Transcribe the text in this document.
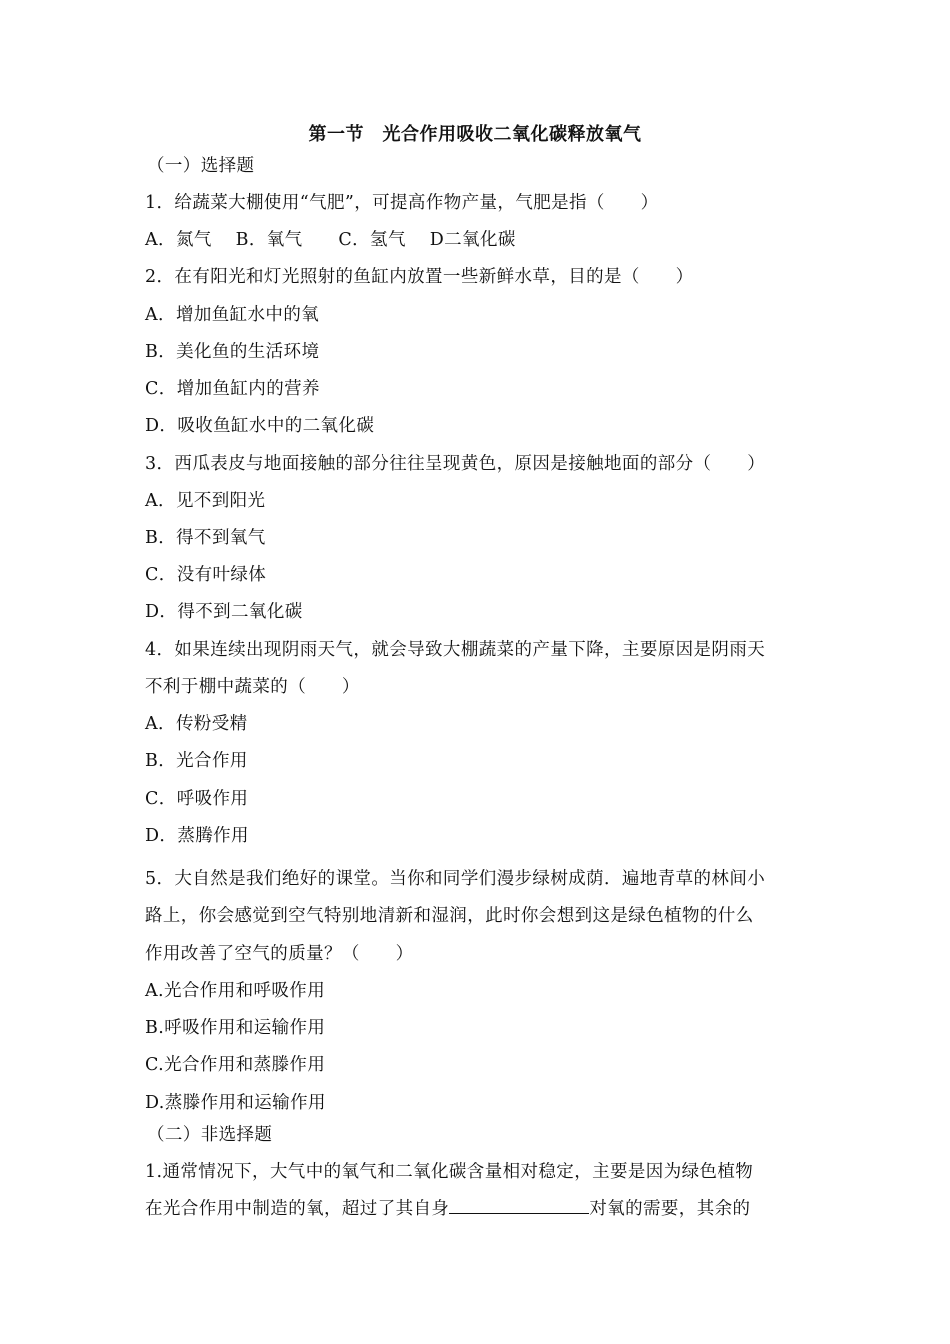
第一节　光合作用吸收二氧化碳释放氧气
（一）选择题
1．给蔬菜大棚使用“气肥”，可提高作物产量，气肥是指（　　）
A．氮气　 B．氧气　　C．氢气　 D二氧化碳
2．在有阳光和灯光照射的鱼缸内放置一些新鲜水草，目的是（　　）
A．增加鱼缸水中的氧
B．美化鱼的生活环境
C．增加鱼缸内的营养
D．吸收鱼缸水中的二氧化碳
3．西瓜表皮与地面接触的部分往往呈现黄色，原因是接触地面的部分（　　）
A．见不到阳光
B．得不到氧气
C．没有叶绿体
D．得不到二氧化碳
4．如果连续出现阴雨天气，就会导致大棚蔬菜的产量下降，主要原因是阴雨天
不利于棚中蔬菜的（　　）
A．传粉受精
B．光合作用
C．呼吸作用
D．蒸腾作用
5．大自然是我们绝好的课堂。当你和同学们漫步绿树成荫．遍地青草的林间小
路上，你会感觉到空气特别地清新和湿润，此时你会想到这是绿色植物的什么
作用改善了空气的质量？（　　）
A.光合作用和呼吸作用
B.呼吸作用和运输作用
C.光合作用和蒸滕作用
D.蒸滕作用和运输作用
（二）非选择题
1.通常情况下，大气中的氧气和二氧化碳含量相对稳定，主要是因为绿色植物
在光合作用中制造的氧，超过了其自身	对氧的需要，其余的
